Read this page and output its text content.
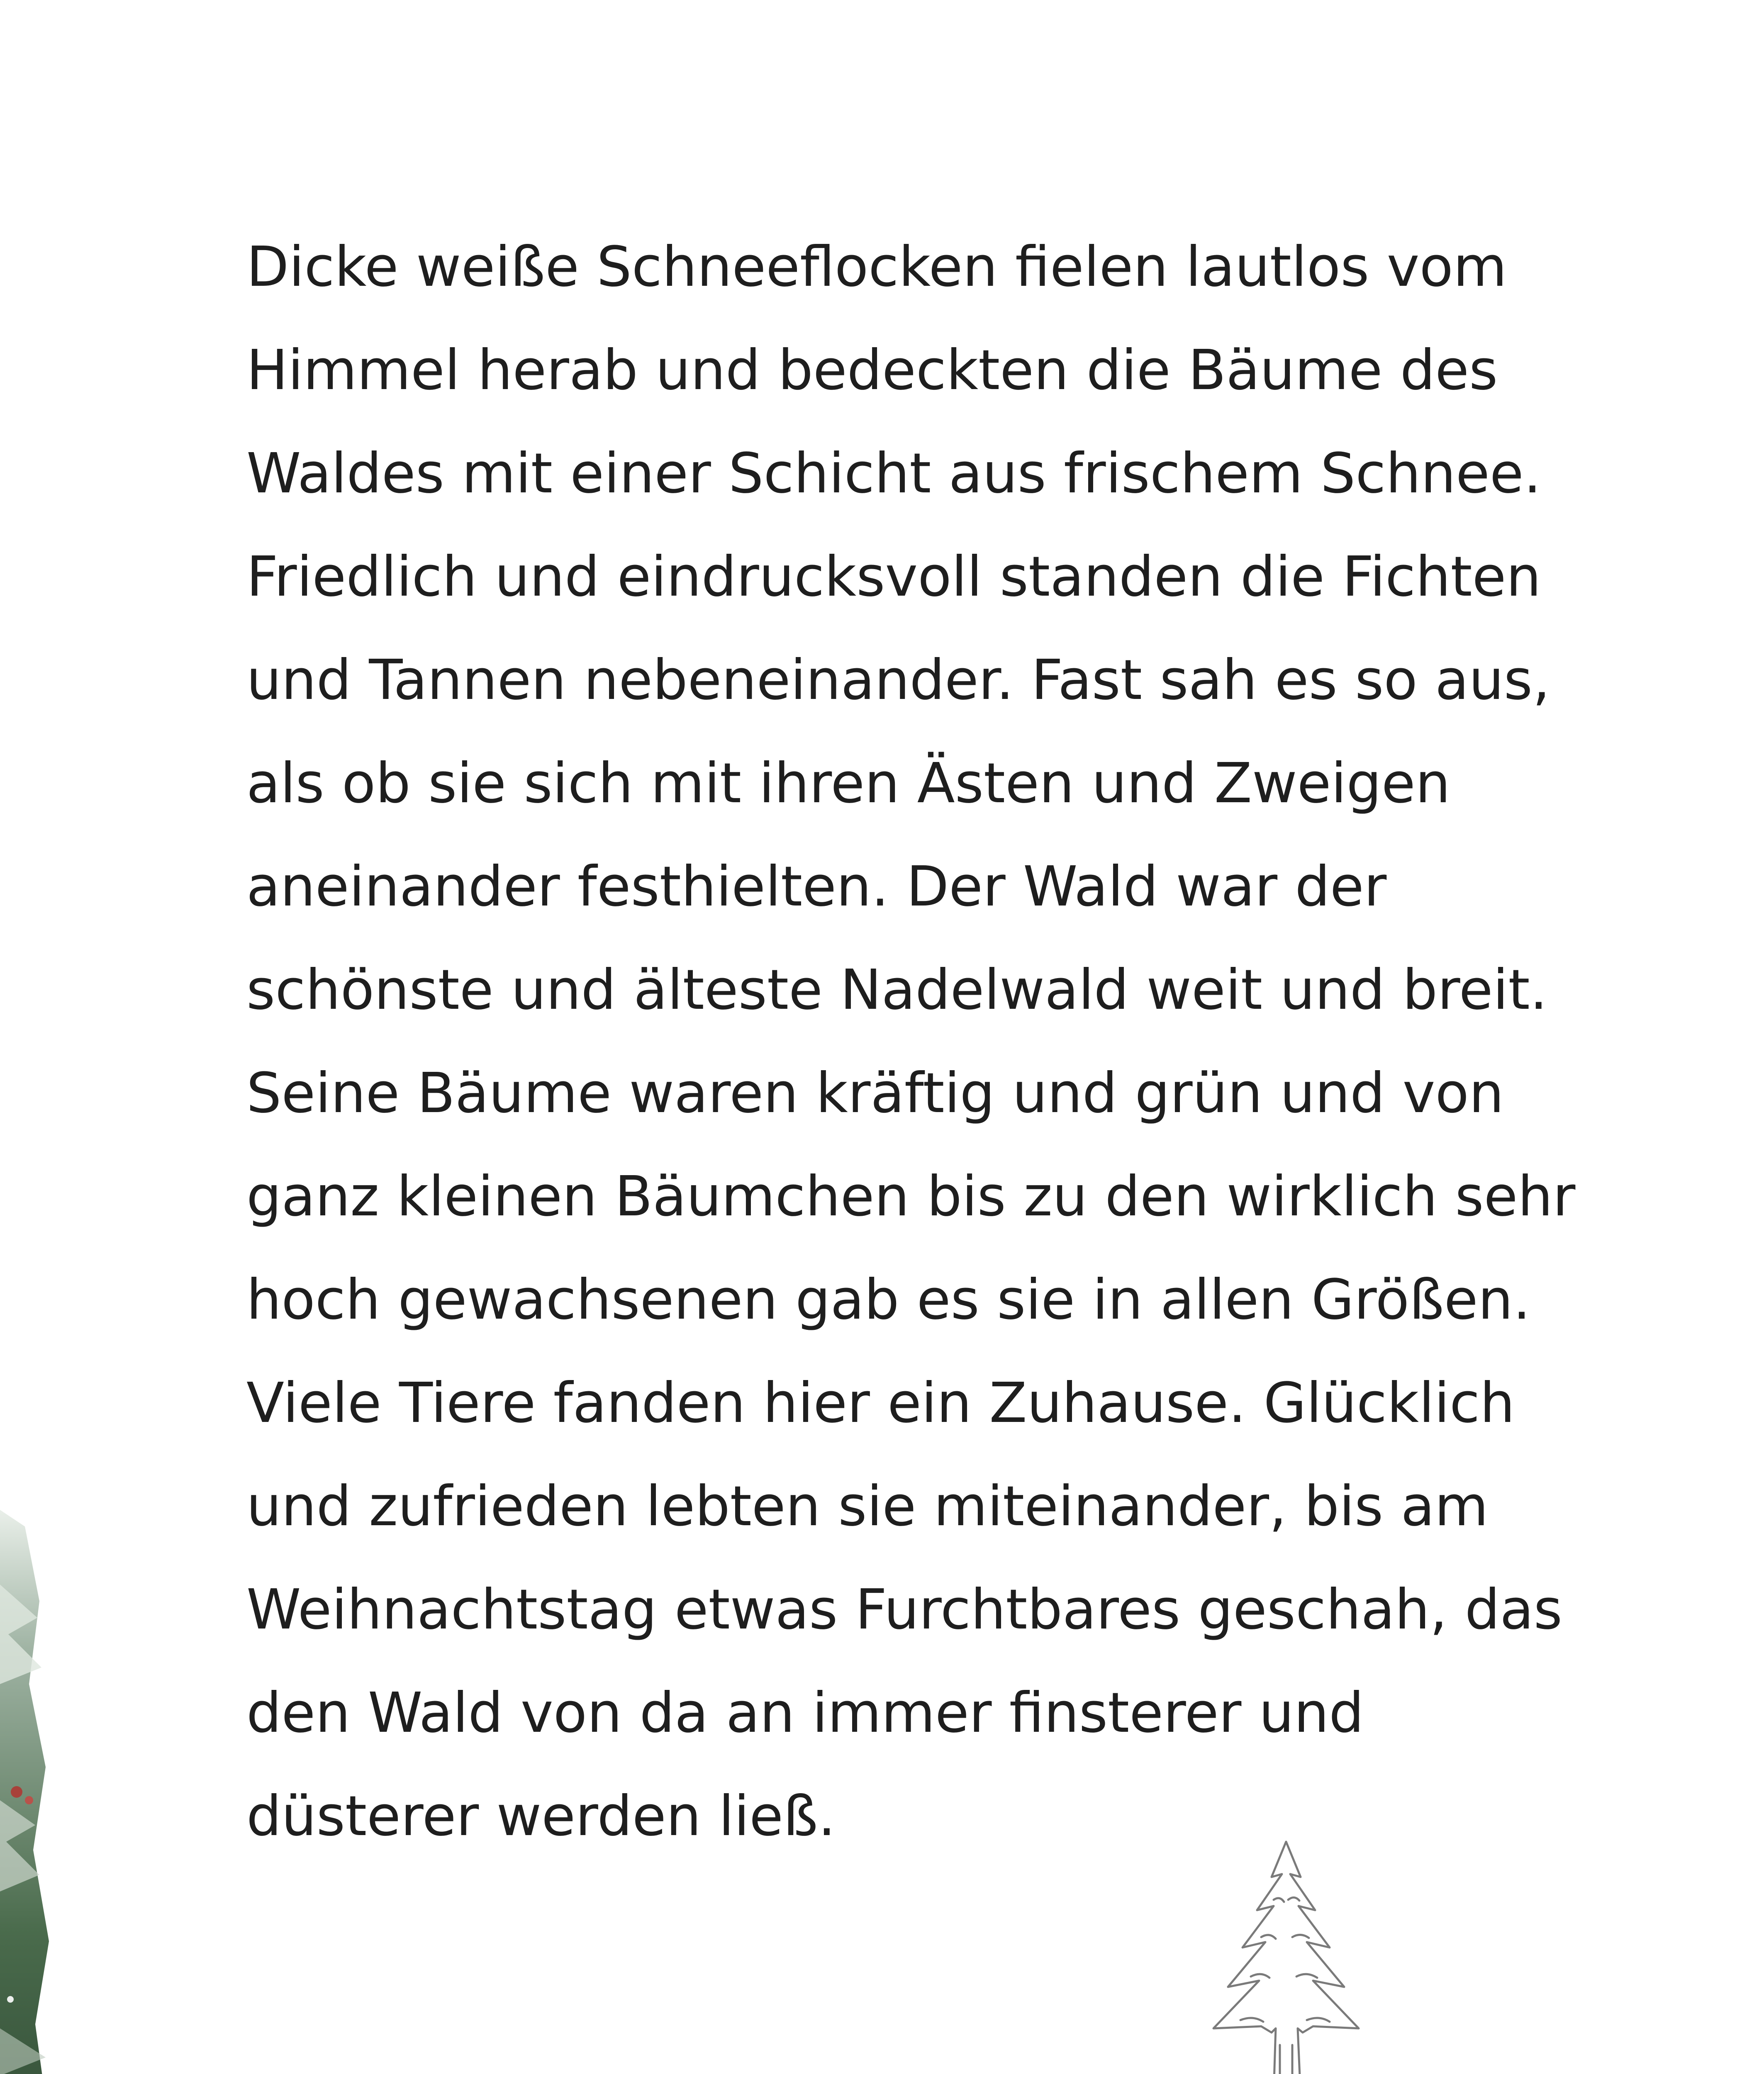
Dicke weiße Schneeflocken fielen lautlos vom
Himmel herab und bedeckten die Bäume des
Waldes mit einer Schicht aus frischem Schnee.
Friedlich und eindrucksvoll standen die Fichten
und Tannen nebeneinander. Fast sah es so aus,
als ob sie sich mit ihren Ästen und Zweigen
aneinander festhielten. Der Wald war der
schönste und älteste Nadelwald weit und breit.
Seine Bäume waren kräftig und grün und von
ganz kleinen Bäumchen bis zu den wirklich sehr
hoch gewachsenen gab es sie in allen Größen.
Viele Tiere fanden hier ein Zuhause. Glücklich
und zufrieden lebten sie miteinander, bis am
Weihnachtstag etwas Furchtbares geschah, das
den Wald von da an immer finsterer und
düsterer werden ließ.
